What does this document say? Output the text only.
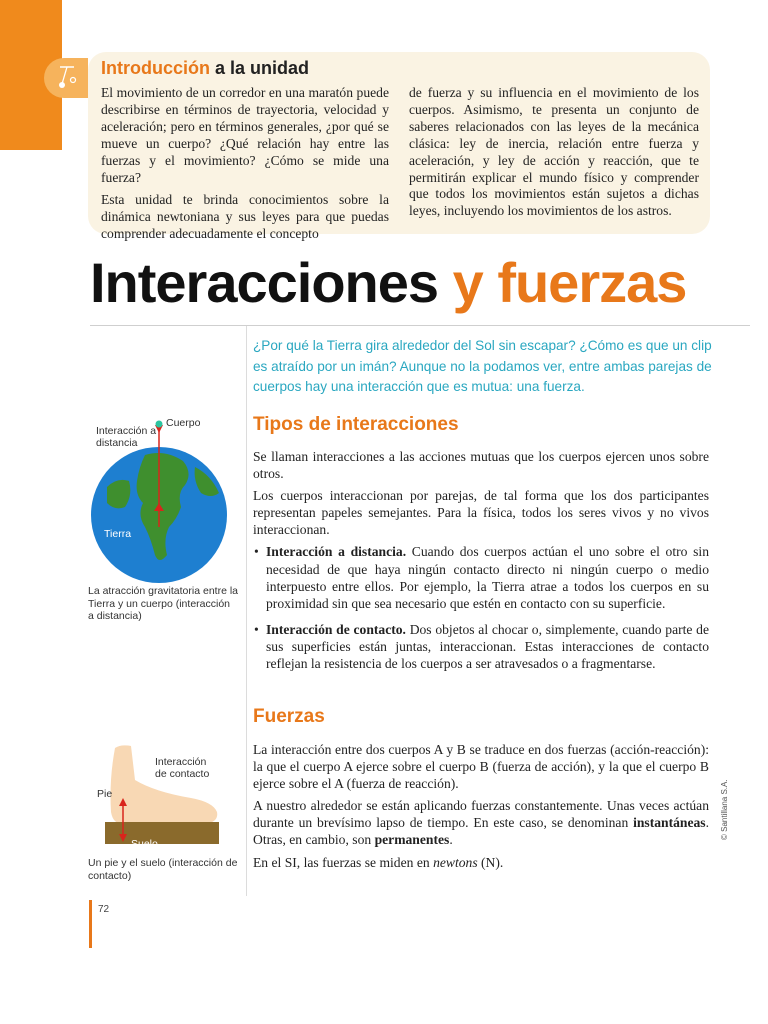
Introducción a la unidad

El movimiento de un corredor en una maratón puede describirse en términos de trayectoria, velocidad y aceleración; pero en términos generales, ¿por qué se mueve un cuerpo? ¿Qué relación hay entre las fuerzas y el movimiento? ¿Cómo se mide una fuerza?

Esta unidad te brinda conocimientos sobre la dinámica newtoniana y sus leyes para que puedas comprender adecuadamente el concepto

de fuerza y su influencia en el movimiento de los cuerpos. Asimismo, te presenta un conjunto de saberes relacionados con las leyes de la mecánica clásica: ley de inercia, relación entre fuerza y aceleración, y ley de acción y reacción, que te permitirán explicar el mundo físico y comprender que todos los movimientos están sujetos a dichas leyes, incluyendo los movimientos de los astros.

Interacciones y fuerzas
¿Por qué la Tierra gira alrededor del Sol sin escapar? ¿Cómo es que un clip es atraído por un imán? Aunque no la podamos ver, entre ambas parejas de cuerpos hay una interacción que es mutua: una fuerza.
Tipos de interacciones

Se llaman interacciones a las acciones mutuas que los cuerpos ejercen unos sobre otros.

Los cuerpos interaccionan por parejas, de tal forma que los dos participantes representan papeles semejantes. Para la física, todos los seres vivos y no vivos interaccionan.

• Interacción a distancia. Cuando dos cuerpos actúan el uno sobre el otro sin necesidad de que haya ningún contacto directo ni ningún cuerpo o medio interpuesto entre ellos. Por ejemplo, la Tierra atrae a todos los cuerpos en su proximidad sin que sea necesario que estén en contacto con su superficie.
• Interacción de contacto. Dos objetos al chocar o, simplemente, cuando parte de sus superficies están juntas, interaccionan. Estas interacciones de contacto reflejan la resistencia de los cuerpos a ser atravesados o a fragmentarse.
Fuerzas

La interacción entre dos cuerpos A y B se traduce en dos fuerzas (acción-reacción): la que el cuerpo A ejerce sobre el cuerpo B (fuerza de acción), y la que el cuerpo B ejerce sobre el A (fuerza de reacción).

A nuestro alrededor se están aplicando fuerzas constantemente. Unas veces actúan durante un brevísimo lapso de tiempo. En este caso, se denominan instantáneas. Otras, en cambio, son permanentes.

En el SI, las fuerzas se miden en newtons (N).

Interacción a distancia
Cuerpo
Tierra
La atracción gravitatoria entre la Tierra y un cuerpo (interacción a distancia)
Interacción de contacto
Pie
Suelo
Un pie y el suelo (interacción de contacto)
72
© Santillana S.A.
